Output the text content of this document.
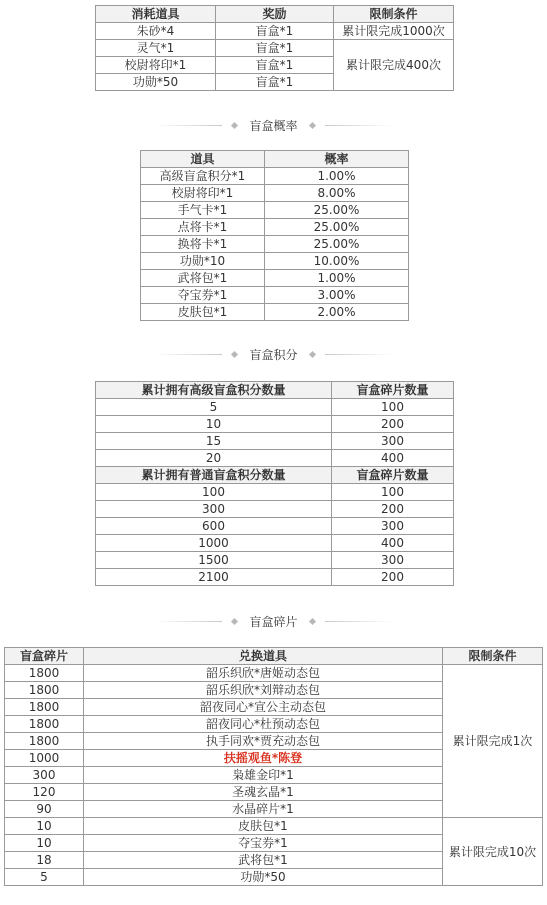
消耗道具	奖励	限制条件
朱砂*4	盲盒*1	累计限完成1000次
灵气*1	盲盒*1	累计限完成400次
校尉将印*1	盲盒*1	
功勋*50	盲盒*1	
盲盒概率
道具	概率
高级盲盒积分*1	1.00%
校尉将印*1	8.00%
手气卡*1	25.00%
点将卡*1	25.00%
换将卡*1	25.00%
功勋*10	10.00%
武将包*1	1.00%
夺宝券*1	3.00%
皮肤包*1	2.00%
盲盒积分
累计拥有高级盲盒积分数量	盲盒碎片数量
5	100
10	200
15	300
20	400
累计拥有普通盲盒积分数量	盲盒碎片数量
100	100
300	200
600	300
1000	400
1500	300
2100	200
盲盒碎片
盲盒碎片	兑换道具	限制条件
1800	韶乐织欣*唐姬动态包	累计限完成1次
1800	韶乐织欣*刘辩动态包	
1800	韶夜同心*宣公主动态包	
1800	韶夜同心*杜预动态包	
1800	执手同欢*贾充动态包	
1000	扶摇观鱼*陈登	
300	枭雄金印*1	
120	圣魂玄晶*1	
90	水晶碎片*1	
10	皮肤包*1	累计限完成10次
10	夺宝券*1	
18	武将包*1	
5	功勋*50	
